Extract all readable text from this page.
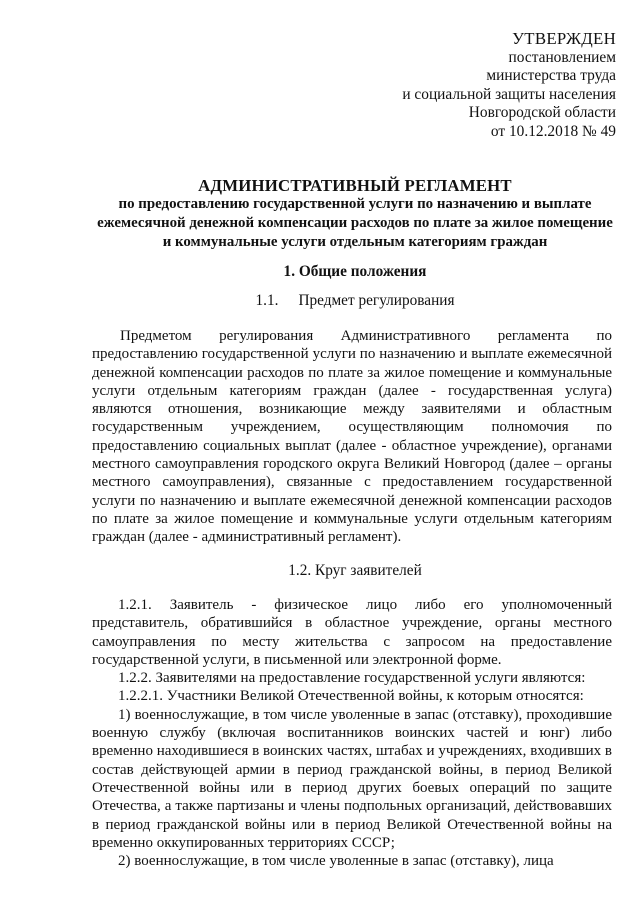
УТВЕРЖДЕН
постановлением
министерства труда
и социальной защиты населения
Новгородской области
от 10.12.2018 № 49
АДМИНИСТРАТИВНЫЙ РЕГЛАМЕНТ
по предоставлению государственной услуги по назначению и выплате ежемесячной денежной компенсации расходов по плате за жилое помещение и коммунальные услуги отдельным категориям граждан
1. Общие положения
1.1. Предмет регулирования

Предметом регулирования Административного регламента по предоставлению государственной услуги по назначению и выплате ежемесячной денежной компенсации расходов по плате за жилое помещение и коммунальные услуги отдельным категориям граждан (далее - государственная услуга) являются отношения, возникающие между заявителями и областным государственным учреждением, осуществляющим полномочия по предоставлению социальных выплат (далее - областное учреждение), органами местного самоуправления городского округа Великий Новгород (далее – органы местного самоуправления), связанные с предоставлением государственной услуги по назначению и выплате ежемесячной денежной компенсации расходов по плате за жилое помещение и коммунальные услуги отдельным категориям граждан (далее - административный регламент).

1.2. Круг заявителей

1.2.1. Заявитель - физическое лицо либо его уполномоченный представитель, обратившийся в областное учреждение, органы местного самоуправления по месту жительства с запросом на предоставление государственной услуги, в письменной или электронной форме.

1.2.2. Заявителями на предоставление государственной услуги являются:

1.2.2.1. Участники Великой Отечественной войны, к которым относятся:

1) военнослужащие, в том числе уволенные в запас (отставку), проходившие военную службу (включая воспитанников воинских частей и юнг) либо временно находившиеся в воинских частях, штабах и учреждениях, входивших в состав действующей армии в период гражданской войны, в период Великой Отечественной войны или в период других боевых операций по защите Отечества, а также партизаны и члены подпольных организаций, действовавших в период гражданской войны или в период Великой Отечественной войны на временно оккупированных территориях СССР;

2) военнослужащие, в том числе уволенные в запас (отставку), лица
